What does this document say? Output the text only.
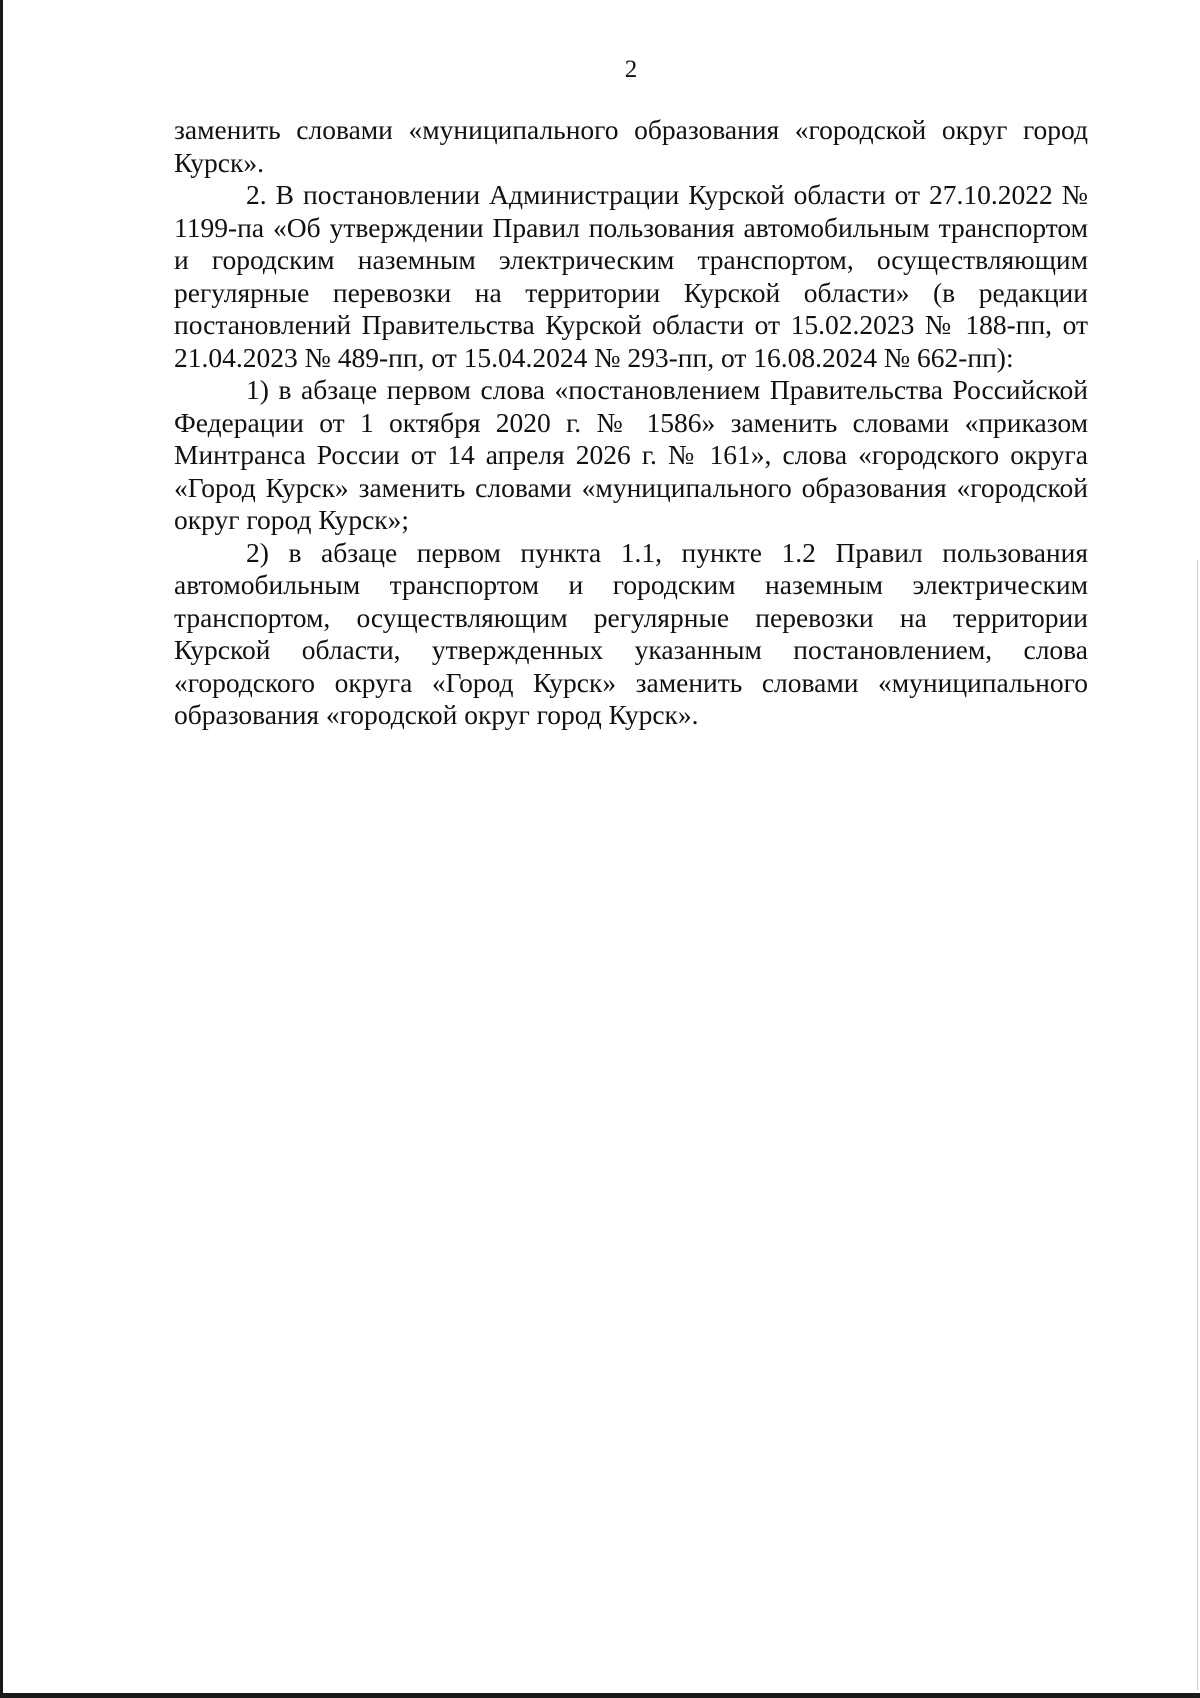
2

заменить словами «муниципального образования «городской округ город Курск».

2. В постановлении Администрации Курской области от 27.10.2022 № 1199-па «Об утверждении Правил пользования автомобильным транспортом и городским наземным электрическим транспортом, осуществляющим регулярные перевозки на территории Курской области» (в редакции постановлений Правительства Курской области от 15.02.2023 № 188-пп, от 21.04.2023 № 489-пп, от 15.04.2024 № 293-пп, от 16.08.2024 № 662-пп):

1) в абзаце первом слова «постановлением Правительства Российской Федерации от 1 октября 2020 г. № 1586» заменить словами «приказом Минтранса России от 14 апреля 2026 г. № 161», слова «городского округа «Город Курск» заменить словами «муниципального образования «городской округ город Курск»;

2) в абзаце первом пункта 1.1, пункте 1.2 Правил пользования автомобильным транспортом и городским наземным электрическим транспортом, осуществляющим регулярные перевозки на территории Курской области, утвержденных указанным постановлением, слова «городского округа «Город Курск» заменить словами «муниципального образования «городской округ город Курск».
